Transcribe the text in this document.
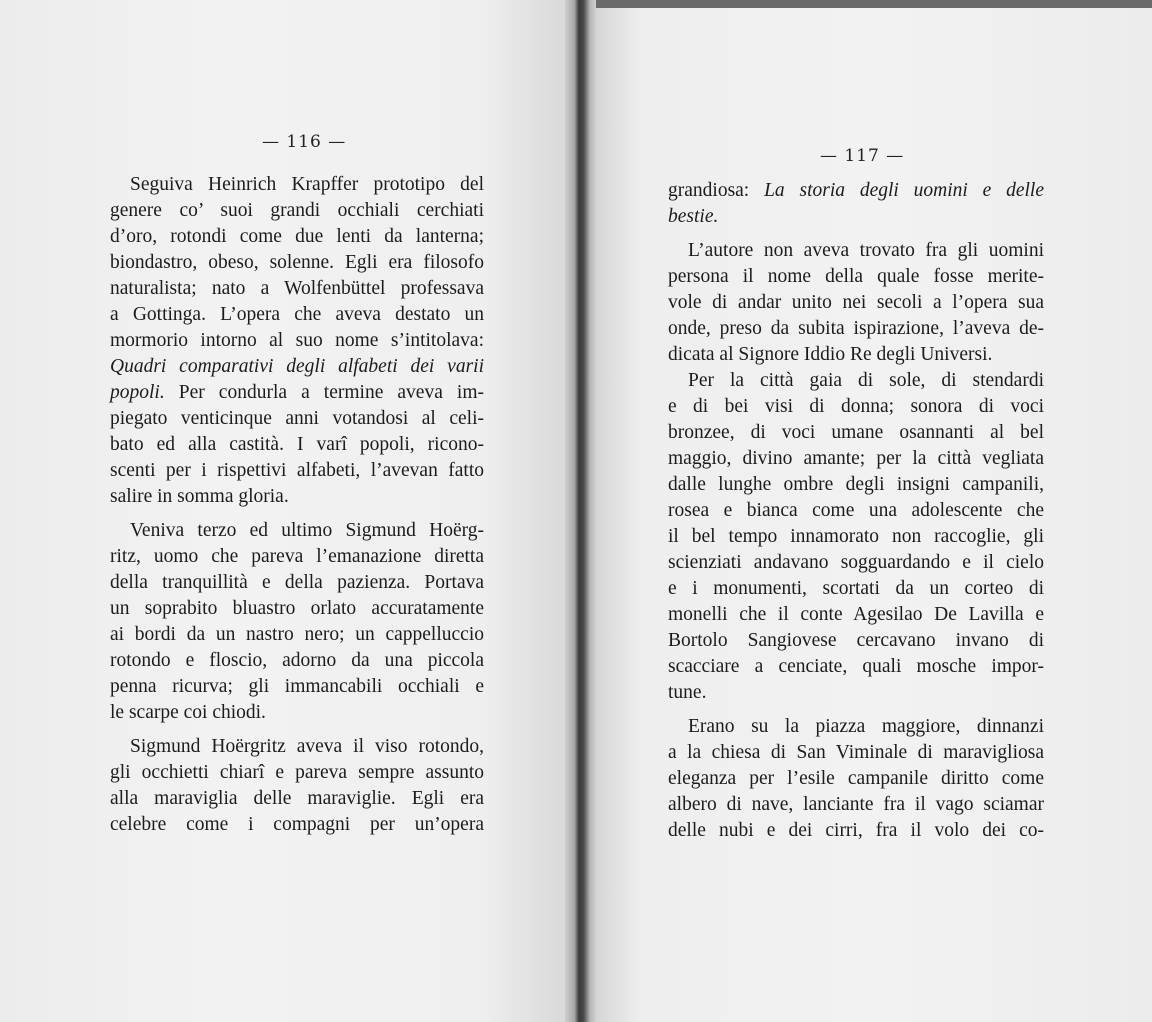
— 116 —
Seguiva Heinrich Krapffer prototipo del
genere co’ suoi grandi occhiali cerchiati
d’oro, rotondi come due lenti da lanterna;
biondastro, obeso, solenne. Egli era filosofo
naturalista; nato a Wolfenbüttel professava
a Gottinga. L’opera che aveva destato un
mormorio intorno al suo nome s’intitolava:
Quadri comparativi degli alfabeti dei varii
popoli. Per condurla a termine aveva im-
piegato venticinque anni votandosi al celi-
bato ed alla castità. I varî popoli, ricono-
scenti per i rispettivi alfabeti, l’avevan fatto
salire in somma gloria.
Veniva terzo ed ultimo Sigmund Hoërg-
ritz, uomo che pareva l’emanazione diretta
della tranquillità e della pazienza. Portava
un soprabito bluastro orlato accuratamente
ai bordi da un nastro nero; un cappelluccio
rotondo e floscio, adorno da una piccola
penna ricurva; gli immancabili occhiali e
le scarpe coi chiodi.
Sigmund Hoërgritz aveva il viso rotondo,
gli occhietti chiarî e pareva sempre assunto
alla maraviglia delle maraviglie. Egli era
celebre come i compagni per un’opera
— 117 —
grandiosa: La storia degli uomini e delle
bestie.
L’autore non aveva trovato fra gli uomini
persona il nome della quale fosse merite-
vole di andar unito nei secoli a l’opera sua
onde, preso da subita ispirazione, l’aveva de-
dicata al Signore Iddio Re degli Universi.
Per la città gaia di sole, di stendardi
e di bei visi di donna; sonora di voci
bronzee, di voci umane osannanti al bel
maggio, divino amante; per la città vegliata
dalle lunghe ombre degli insigni campanili,
rosea e bianca come una adolescente che
il bel tempo innamorato non raccoglie, gli
scienziati andavano sogguardando e il cielo
e i monumenti, scortati da un corteo di
monelli che il conte Agesilao De Lavilla e
Bortolo Sangiovese cercavano invano di
scacciare a cenciate, quali mosche impor-
tune.
Erano su la piazza maggiore, dinnanzi
a la chiesa di San Viminale di maravigliosa
eleganza per l’esile campanile diritto come
albero di nave, lanciante fra il vago sciamar
delle nubi e dei cirri, fra il volo dei co-
